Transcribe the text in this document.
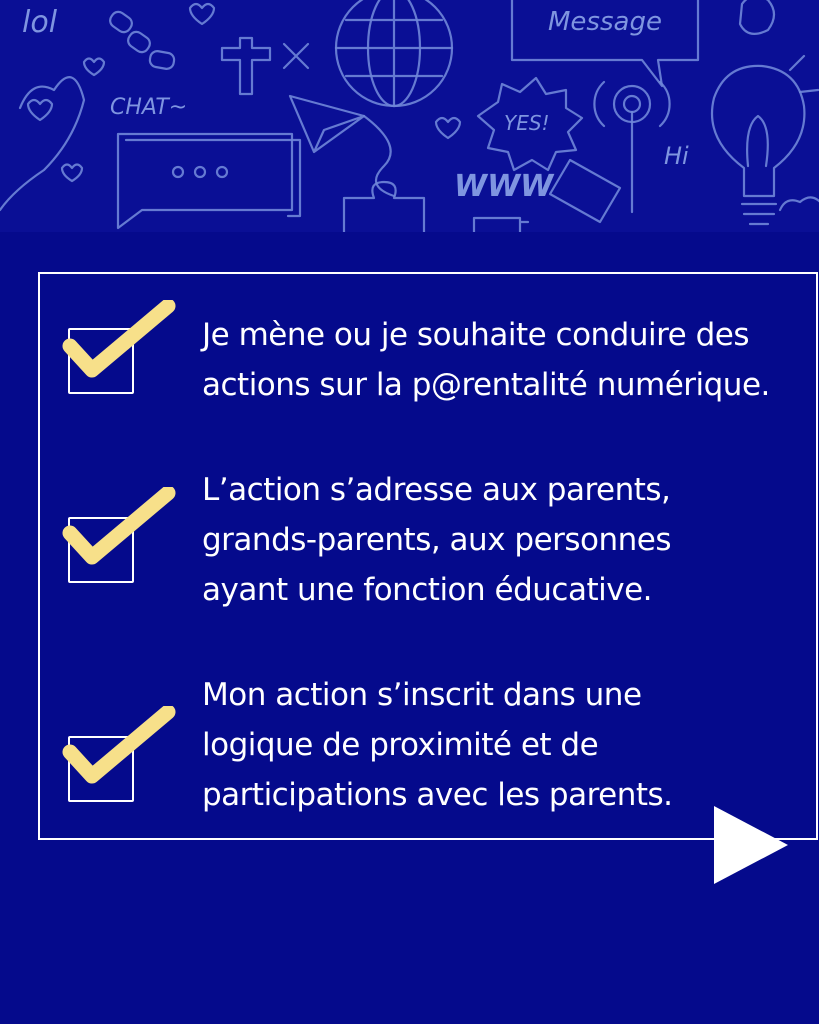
lol
CHAT~
Message
YES!
WWW
Hi
Je mène ou je souhaite conduire des
actions sur la p@rentalité numérique.
L’action s’adresse aux parents,
grands-parents, aux personnes
ayant une fonction éducative.
Mon action s’inscrit dans une
logique de proximité et de
participations avec les parents.
